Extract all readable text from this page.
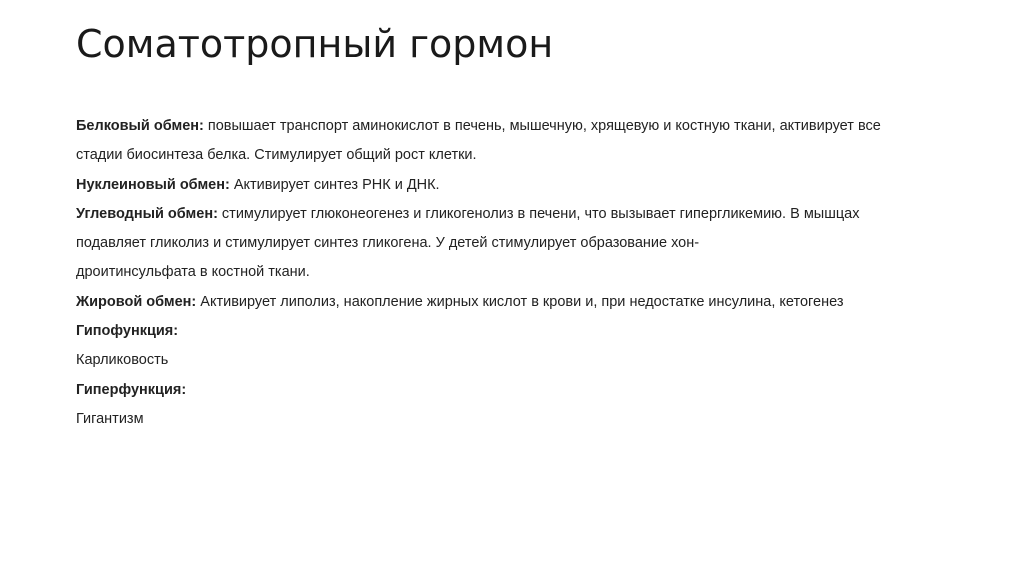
Соматотропный гормон
Белковый обмен: повышает транспорт аминокислот в печень, мышечную, хрящевую и костную ткани, активирует все
стадии биосинтеза белка. Стимулирует общий рост клетки.
Нуклеиновый обмен: Активирует синтез РНК и ДНК.
Углеводный обмен: стимулирует глюконеогенез и гликогенолиз в печени, что вызывает гипергликемию. В мышцах
подавляет гликолиз и стимулирует синтез гликогена. У детей стимулирует образование хон-
дроитинсульфата в костной ткани.
Жировой обмен: Активирует липолиз, накопление жирных кислот в крови и, при недостатке инсулина, кетогенез
Гипофункция:
Карликовость
Гиперфункция:
Гигантизм
